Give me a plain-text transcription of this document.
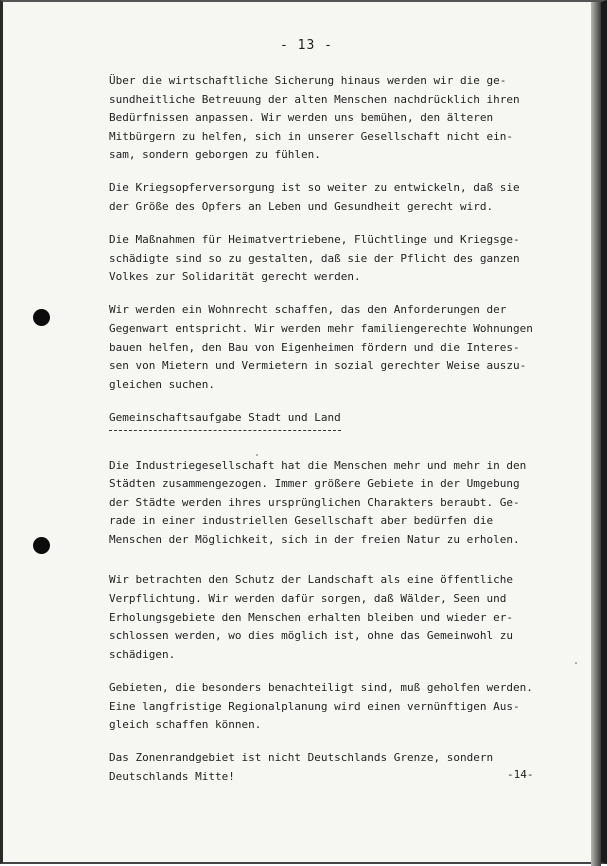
- 13 -

Über die wirtschaftliche Sicherung hinaus werden wir die ge-
sundheitliche Betreuung der alten Menschen nachdrücklich ihren
Bedürfnissen anpassen. Wir werden uns bemühen, den älteren
Mitbürgern zu helfen, sich in unserer Gesellschaft nicht ein-
sam, sondern geborgen zu fühlen.

Die Kriegsopferversorgung ist so weiter zu entwickeln, daß sie
der Größe des Opfers an Leben und Gesundheit gerecht wird.

Die Maßnahmen für Heimatvertriebene, Flüchtlinge und Kriegsge-
schädigte sind so zu gestalten, daß sie der Pflicht des ganzen
Volkes zur Solidarität gerecht werden.

Wir werden ein Wohnrecht schaffen, das den Anforderungen der
Gegenwart entspricht. Wir werden mehr familiengerechte Wohnungen
bauen helfen, den Bau von Eigenheimen fördern und die Interes-
sen von Mietern und Vermietern in sozial gerechter Weise auszu-
gleichen suchen.

Gemeinschaftsaufgabe Stadt und Land

Die Industriegesellschaft hat die Menschen mehr und mehr in den
Städten zusammengezogen. Immer größere Gebiete in der Umgebung
der Städte werden ihres ursprünglichen Charakters beraubt. Ge-
rade in einer industriellen Gesellschaft aber bedürfen die
Menschen der Möglichkeit, sich in der freien Natur zu erholen.

Wir betrachten den Schutz der Landschaft als eine öffentliche
Verpflichtung. Wir werden dafür sorgen, daß Wälder, Seen und
Erholungsgebiete den Menschen erhalten bleiben und wieder er-
schlossen werden, wo dies möglich ist, ohne das Gemeinwohl zu
schädigen.

Gebieten, die besonders benachteiligt sind, muß geholfen werden.
Eine langfristige Regionalplanung wird einen vernünftigen Aus-
gleich schaffen können.

Das Zonenrandgebiet ist nicht Deutschlands Grenze, sondern
Deutschlands Mitte!	-14-
